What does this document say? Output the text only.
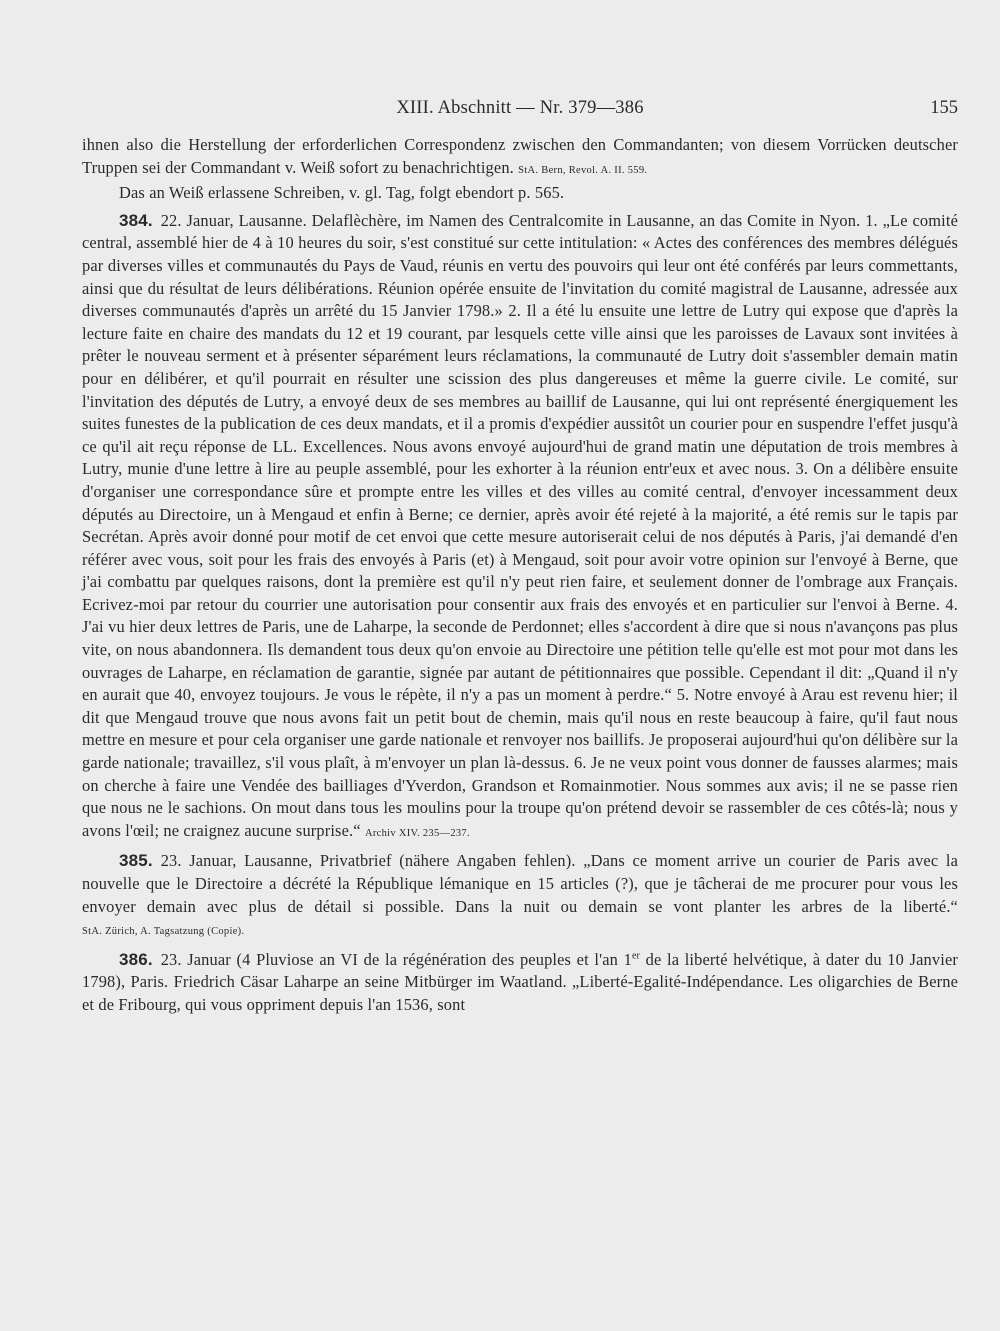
XIII. Abschnitt — Nr. 379—386	155

ihnen also die Herstellung der erforderlichen Correspondenz zwischen den Commandanten; von diesem Vorrücken deutscher Truppen sei der Commandant v. Weiß sofort zu benachrichtigen. StA. Bern, Revol. A. II. 559.

Das an Weiß erlassene Schreiben, v. gl. Tag, folgt ebendort p. 565.

384. 22. Januar, Lausanne. Delaflèchère, im Namen des Centralcomite in Lausanne, an das Comite in Nyon. 1. „Le comité central, assemblé hier de 4 à 10 heures du soir, s'est constitué sur cette intitulation: « Actes des conférences des membres délégués par diverses villes et communautés du Pays de Vaud, réunis en vertu des pouvoirs qui leur ont été conférés par leurs commettants, ainsi que du résultat de leurs délibérations. Réunion opérée ensuite de l'invitation du comité magistral de Lausanne, adressée aux diverses communautés d'après un arrêté du 15 Janvier 1798.» 2. Il a été lu ensuite une lettre de Lutry qui expose que d'après la lecture faite en chaire des mandats du 12 et 19 courant, par lesquels cette ville ainsi que les paroisses de Lavaux sont invitées à prêter le nouveau serment et à présenter séparément leurs réclamations, la communauté de Lutry doit s'assembler demain matin pour en délibérer, et qu'il pourrait en résulter une scission des plus dangereuses et même la guerre civile. Le comité, sur l'invitation des députés de Lutry, a envoyé deux de ses membres au baillif de Lausanne, qui lui ont représenté énergiquement les suites funestes de la publication de ces deux mandats, et il a promis d'expédier aussitôt un courier pour en suspendre l'effet jusqu'à ce qu'il ait reçu réponse de LL. Excellences. Nous avons envoyé aujourd'hui de grand matin une députation de trois membres à Lutry, munie d'une lettre à lire au peuple assemblé, pour les exhorter à la réunion entr'eux et avec nous. 3. On a délibère ensuite d'organiser une correspondance sûre et prompte entre les villes et des villes au comité central, d'envoyer incessamment deux députés au Directoire, un à Mengaud et enfin à Berne; ce dernier, après avoir été rejeté à la majorité, a été remis sur le tapis par Secrétan. Après avoir donné pour motif de cet envoi que cette mesure autoriserait celui de nos députés à Paris, j'ai demandé d'en référer avec vous, soit pour les frais des envoyés à Paris (et) à Mengaud, soit pour avoir votre opinion sur l'envoyé à Berne, que j'ai combattu par quelques raisons, dont la première est qu'il n'y peut rien faire, et seulement donner de l'ombrage aux Français. Ecrivez-moi par retour du courrier une autorisation pour consentir aux frais des envoyés et en particulier sur l'envoi à Berne. 4. J'ai vu hier deux lettres de Paris, une de Laharpe, la seconde de Perdonnet; elles s'accordent à dire que si nous n'avançons pas plus vite, on nous abandonnera. Ils demandent tous deux qu'on envoie au Directoire une pétition telle qu'elle est mot pour mot dans les ouvrages de Laharpe, en réclamation de garantie, signée par autant de pétitionnaires que possible. Cependant il dit: „Quand il n'y en aurait que 40, envoyez toujours. Je vous le répète, il n'y a pas un moment à perdre.“ 5. Notre envoyé à Arau est revenu hier; il dit que Mengaud trouve que nous avons fait un petit bout de chemin, mais qu'il nous en reste beaucoup à faire, qu'il faut nous mettre en mesure et pour cela organiser une garde nationale et renvoyer nos baillifs. Je proposerai aujourd'hui qu'on délibère sur la garde nationale; travaillez, s'il vous plaît, à m'envoyer un plan là-dessus. 6. Je ne veux point vous donner de fausses alarmes; mais on cherche à faire une Vendée des bailliages d'Yverdon, Grandson et Romainmotier. Nous sommes aux avis; il ne se passe rien que nous ne le sachions. On mout dans tous les moulins pour la troupe qu'on prétend devoir se rassembler de ces côtés-là; nous y avons l'œil; ne craignez aucune surprise.“ Archiv XIV. 235—237.

385. 23. Januar, Lausanne, Privatbrief (nähere Angaben fehlen). „Dans ce moment arrive un courier de Paris avec la nouvelle que le Directoire a décrété la République lémanique en 15 articles (?), que je tâcherai de me procurer pour vous les envoyer demain avec plus de détail si possible. Dans la nuit ou demain se vont planter les arbres de la liberté.“ StA. Zürich, A. Tagsatzung (Copie).

386. 23. Januar (4 Pluviose an VI de la régénération des peuples et l'an 1er de la liberté helvétique, à dater du 10 Janvier 1798), Paris. Friedrich Cäsar Laharpe an seine Mitbürger im Waatland. „Liberté-Egalité-Indépendance. Les oligarchies de Berne et de Fribourg, qui vous oppriment depuis l'an 1536, sont
